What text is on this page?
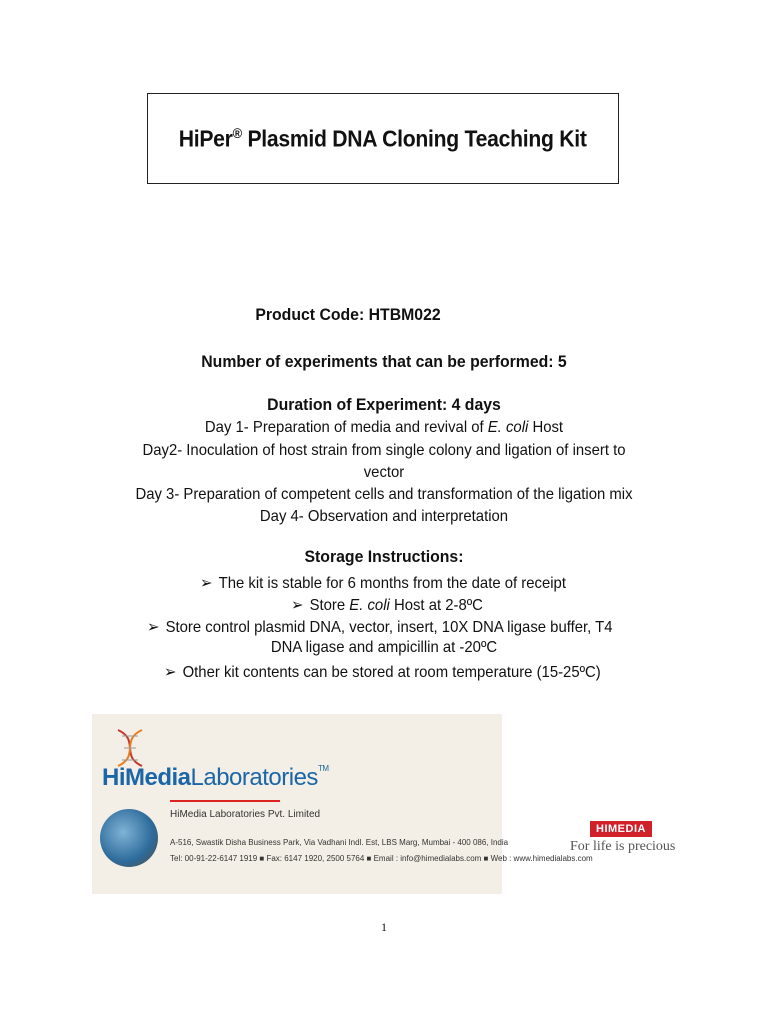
HiPer® Plasmid DNA Cloning Teaching Kit
Product Code: HTBM022
Number of experiments that can be performed: 5
Duration of Experiment: 4 days
Day 1- Preparation of media and revival of E. coli Host
Day2- Inoculation of host strain from single colony and ligation of insert to
vector
Day 3- Preparation of competent cells and transformation of the ligation mix
Day 4- Observation and interpretation
Storage Instructions:
➢ The kit is stable for 6 months from the date of receipt
➢ Store E. coli Host at 2-8ºC
➢ Store control plasmid DNA, vector, insert, 10X DNA ligase buffer, T4
DNA ligase and ampicillin at -20ºC
➢ Other kit contents can be stored at room temperature (15-25ºC)
HiMediaLaboratories™
HiMedia Laboratories Pvt. Limited
A-516, Swastik Disha Business Park, Via Vadhani Indl. Est, LBS Marg, Mumbai - 400 086, India
Tel: 00-91-22-6147 1919 ■ Fax: 6147 1920, 2500 5764 ■ Email : info@himedialabs.com ■ Web : www.himedialabs.com
HIMEDIA
For life is precious
1
